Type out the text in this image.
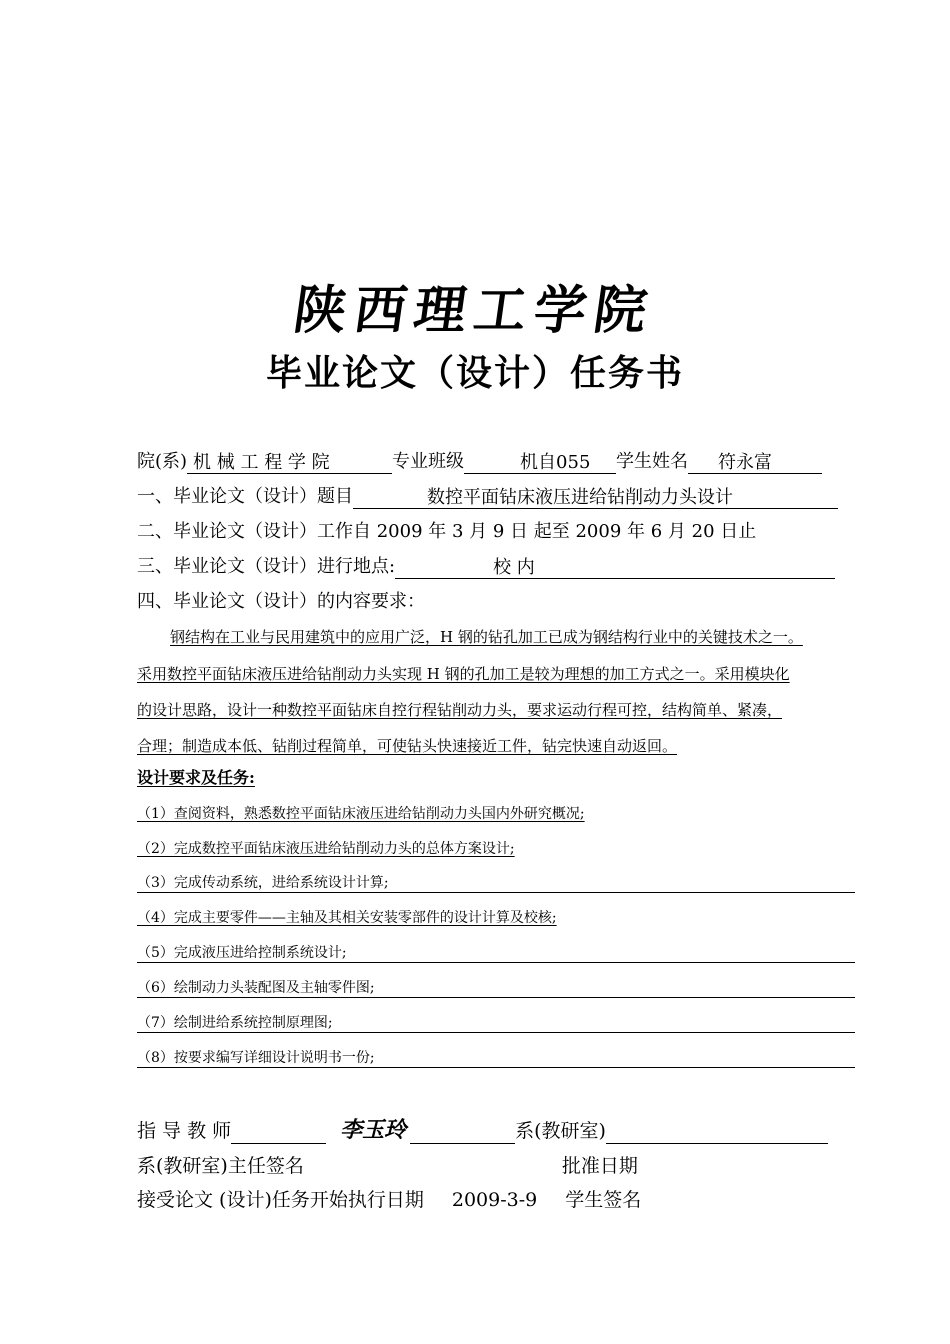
陕西理工学院
毕业论文（设计）任务书
院(系) 机 械 工 程 学 院	专业班级	机自055 学生姓名 符永富
一、毕业论文（设计）题目	数控平面钻床液压进给钻削动力头设计
二、毕业论文（设计）工作自 2009 年 3 月 9 日 起至 2009 年 6 月 20 日止
三、毕业论文（设计）进行地点:	校 内
四、毕业论文（设计）的内容要求：
钢结构在工业与民用建筑中的应用广泛，H 钢的钻孔加工已成为钢结构行业中的关键技术之一。
采用数控平面钻床液压进给钻削动力头实现 H 钢的孔加工是较为理想的加工方式之一。采用模块化
的设计思路，设计一种数控平面钻床自控行程钻削动力头，要求运动行程可控，结构简单、紧凑，
合理；制造成本低、钻削过程简单，可使钻头快速接近工件，钻完快速自动返回。
设计要求及任务:
（1）查阅资料，熟悉数控平面钻床液压进给钻削动力头国内外研究概况;
（2）完成数控平面钻床液压进给钻削动力头的总体方案设计;
（3）完成传动系统，进给系统设计计算;
（4）完成主要零件——主轴及其相关安装零部件的设计计算及校核;
（5）完成液压进给控制系统设计;
（6）绘制动力头装配图及主轴零件图;
（7）绘制进给系统控制原理图;
（8）按要求编写详细设计说明书一份;
指 导 教 师	李玉玲	系(教研室)
系(教研室)主任签名	批准日期
接受论文 (设计)任务开始执行日期 2009-3-9 学生签名
